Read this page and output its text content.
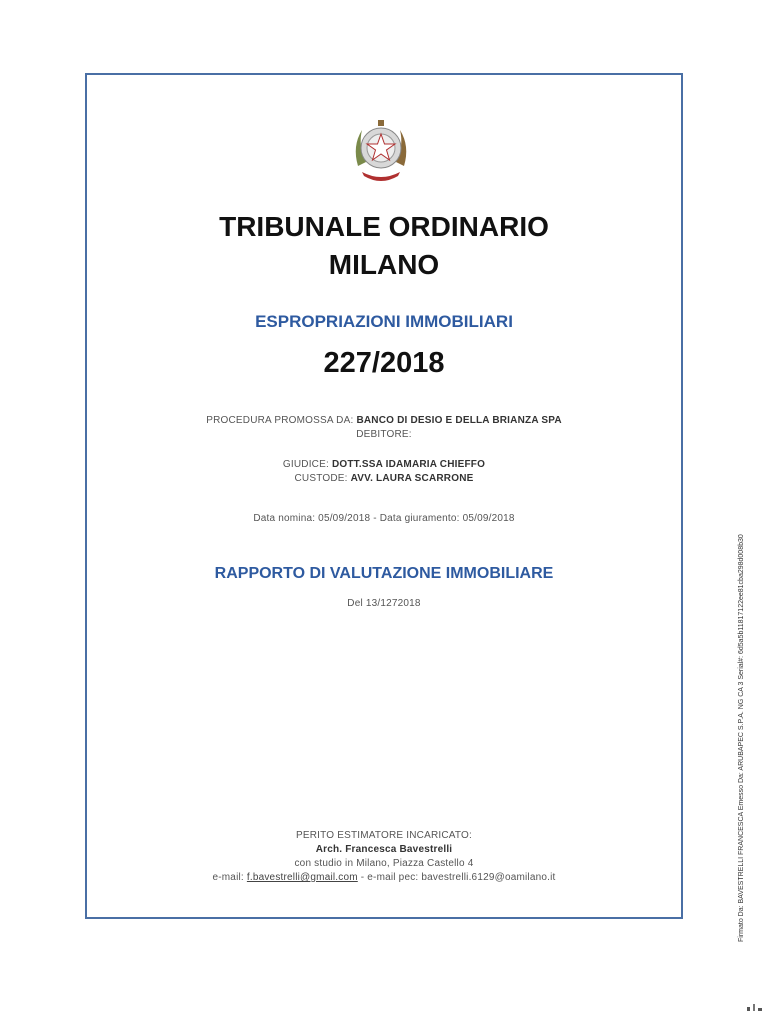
TRIBUNALE ORDINARIO
MILANO
ESPROPRIAZIONI IMMOBILIARI
227/2018
PROCEDURA PROMOSSA DA: BANCO DI DESIO E DELLA BRIANZA SPA
DEBITORE:
GIUDICE: DOTT.SSA IDAMARIA CHIEFFO
CUSTODE: AVV. LAURA SCARRONE
Data nomina: 05/09/2018 - Data giuramento: 05/09/2018
RAPPORTO DI VALUTAZIONE IMMOBILIARE
Del 13/1272018
PERITO ESTIMATORE INCARICATO:
Arch. Francesca Bavestrelli
con studio in Milano, Piazza Castello 4
e-mail: f.bavestrelli@gmail.com - e-mail pec: bavestrelli.6129@oamilano.it	Firmato Da: BAVESTRELLI FRANCESCA Emesso Da: ARUBAPEC S.P.A. NG CA 3 Serial#: 6d5a5b11817122ee81cba298d008b30
